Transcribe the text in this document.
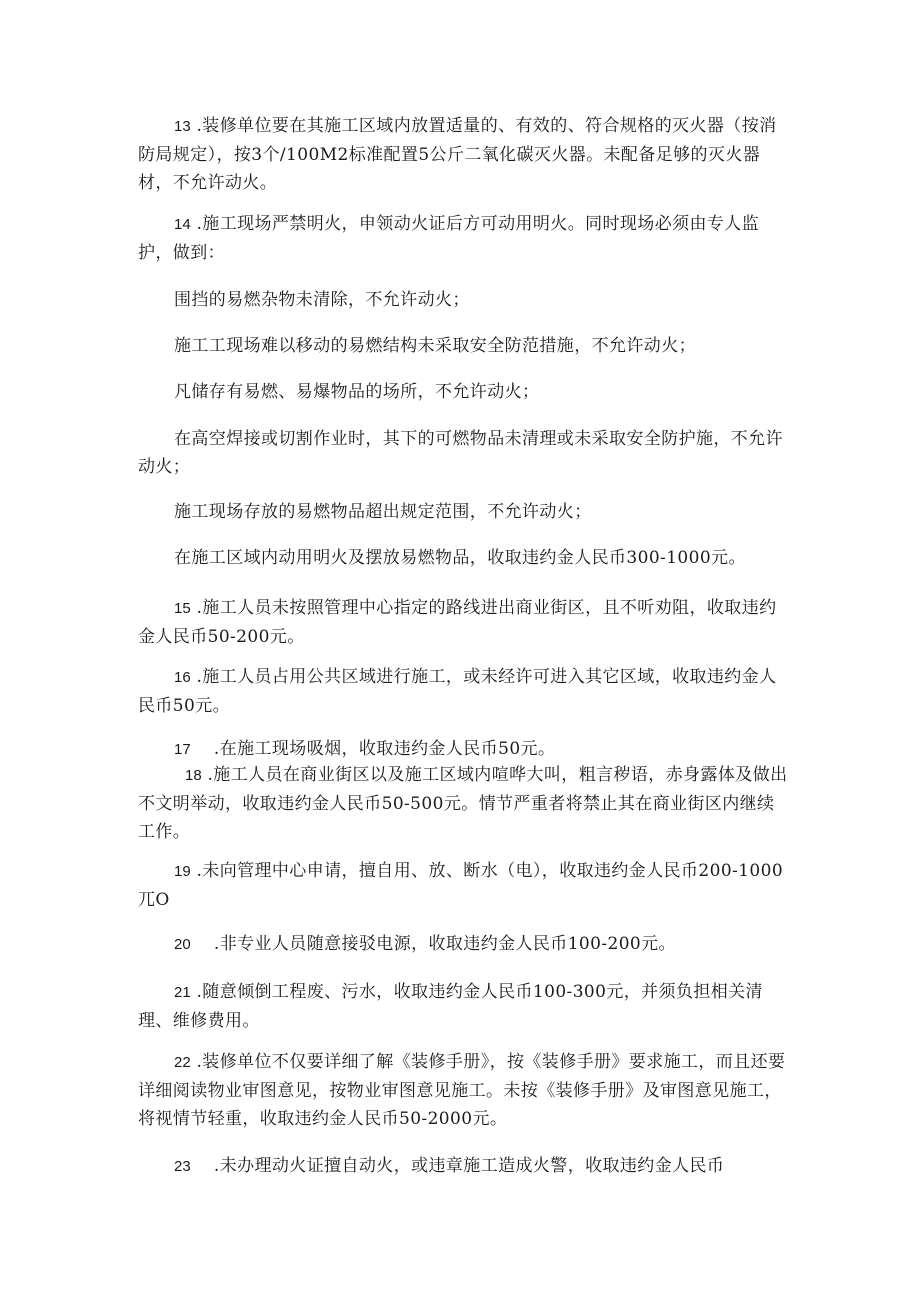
13 .装修单位要在其施工区域内放置适量的、有效的、符合规格的灭火器（按消防局规定），按3个/100M2标准配置5公斤二氧化碳灭火器。未配备足够的灭火器材，不允许动火。
14 .施工现场严禁明火，申领动火证后方可动用明火。同时现场必须由专人监护，做到：
围挡的易燃杂物未清除，不允许动火；
施工工现场难以移动的易燃结构未采取安全防范措施，不允许动火；
凡储存有易燃、易爆物品的场所，不允许动火；
在高空焊接或切割作业时，其下的可燃物品未清理或未采取安全防护施，不允许动火；
施工现场存放的易燃物品超出规定范围，不允许动火；
在施工区域内动用明火及摆放易燃物品，收取违约金人民币300-1000元。
15 .施工人员未按照管理中心指定的路线进出商业街区，且不听劝阻，收取违约金人民币50-200元。
16 .施工人员占用公共区域进行施工，或未经许可进入其它区域，收取违约金人民币50元。
17 .在施工现场吸烟，收取违约金人民币50元。
18 .施工人员在商业街区以及施工区域内喧哗大叫，粗言秽语，赤身露体及做出不文明举动，收取违约金人民币50-500元。情节严重者将禁止其在商业街区内继续工作。
19 .未向管理中心申请，擅自用、放、断水（电），收取违约金人民币200-1000兀O
20 .非专业人员随意接驳电源，收取违约金人民币100-200元。
21 .随意倾倒工程废、污水，收取违约金人民币100-300元，并须负担相关清理、维修费用。
22 .装修单位不仅要详细了解《装修手册》，按《装修手册》要求施工，而且还要详细阅读物业审图意见，按物业审图意见施工。未按《装修手册》及审图意见施工，将视情节轻重，收取违约金人民币50-2000元。
23 .未办理动火证擅自动火，或违章施工造成火警，收取违约金人民币
